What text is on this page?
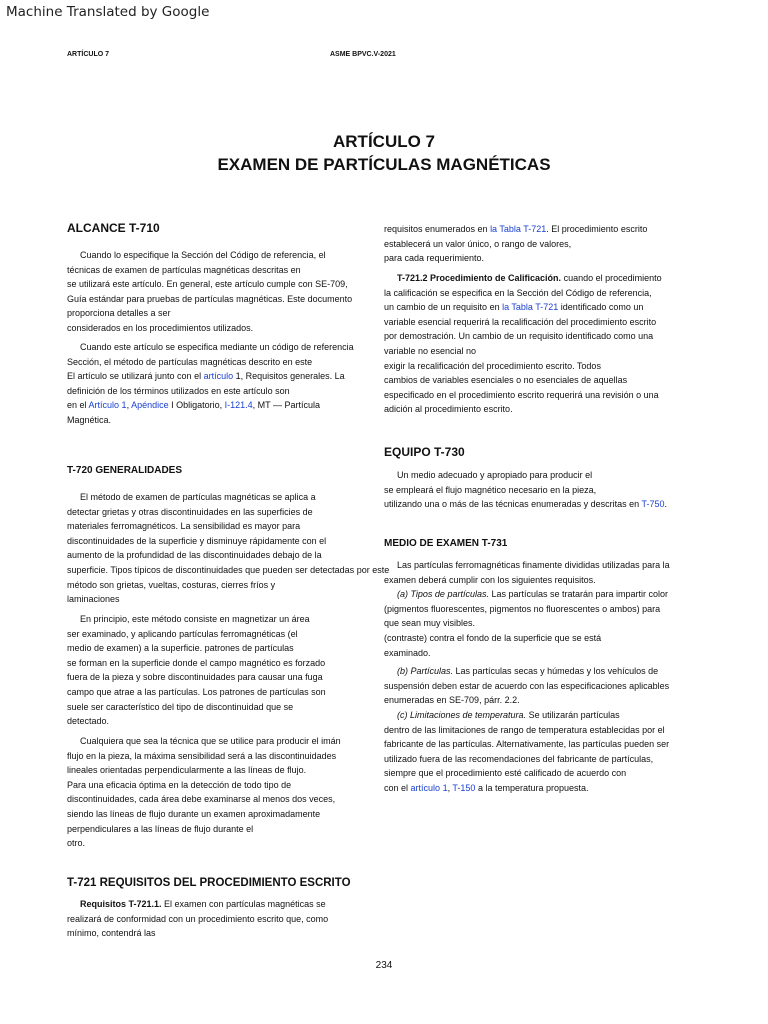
Machine Translated by Google
ARTÍCULO 7	ASME BPVC.V-2021
ARTÍCULO 7
EXAMEN DE PARTÍCULAS MAGNÉTICAS
ALCANCE T-710
Cuando lo especifique la Sección del Código de referencia, el
técnicas de examen de partículas magnéticas descritas en
se utilizará este artículo. En general, este artículo cumple con SE-709,
Guía estándar para pruebas de partículas magnéticas. Este documento
proporciona detalles a ser
considerados en los procedimientos utilizados.
Cuando este artículo se especifica mediante un código de referencia
Sección, el método de partículas magnéticas descrito en este
El artículo se utilizará junto con el artículo 1, Requisitos generales. La
definición de los términos utilizados en este artículo son
en el Artículo 1, Apéndice I Obligatorio, I-121.4, MT — Partícula
Magnética.
T-720 GENERALIDADES
El método de examen de partículas magnéticas se aplica a
detectar grietas y otras discontinuidades en las superficies de
materiales ferromagnéticos. La sensibilidad es mayor para
discontinuidades de la superficie y disminuye rápidamente con el
aumento de la profundidad de las discontinuidades debajo de la
superficie. Tipos típicos de discontinuidades que pueden ser detectadas por este
método son grietas, vueltas, costuras, cierres fríos y
laminaciones
En principio, este método consiste en magnetizar un área
ser examinado, y aplicando partículas ferromagnéticas (el
medio de examen) a la superficie. patrones de partículas
se forman en la superficie donde el campo magnético es forzado
fuera de la pieza y sobre discontinuidades para causar una fuga
campo que atrae a las partículas. Los patrones de partículas son
suele ser característico del tipo de discontinuidad que se
detectado.
Cualquiera que sea la técnica que se utilice para producir el imán
flujo en la pieza, la máxima sensibilidad será a las discontinuidades
lineales orientadas perpendicularmente a las líneas de flujo.
Para una eficacia óptima en la detección de todo tipo de
discontinuidades, cada área debe examinarse al menos dos veces,
siendo las líneas de flujo durante un examen aproximadamente
perpendiculares a las líneas de flujo durante el
otro.
T-721 REQUISITOS DEL PROCEDIMIENTO ESCRITO
Requisitos T-721.1. El examen con partículas magnéticas se
realizará de conformidad con un procedimiento escrito que, como
mínimo, contendrá las
requisitos enumerados en la Tabla T-721. El procedimiento escrito
establecerá un valor único, o rango de valores,
para cada requerimiento.
T-721.2 Procedimiento de Calificación. cuando el procedimiento
la calificación se especifica en la Sección del Código de referencia,
un cambio de un requisito en la Tabla T-721 identificado como un
variable esencial requerirá la recalificación del procedimiento escrito
por demostración. Un cambio de un requisito identificado como una
variable no esencial no
exigir la recalificación del procedimiento escrito. Todos
cambios de variables esenciales o no esenciales de aquellas
especificado en el procedimiento escrito requerirá una revisión o una
adición al procedimiento escrito.
EQUIPO T-730
Un medio adecuado y apropiado para producir el
se empleará el flujo magnético necesario en la pieza,
utilizando una o más de las técnicas enumeradas y descritas en T-750.
MEDIO DE EXAMEN T-731
Las partículas ferromagnéticas finamente divididas utilizadas para la
examen deberá cumplir con los siguientes requisitos.
(a) Tipos de partículas. Las partículas se tratarán para impartir color
(pigmentos fluorescentes, pigmentos no fluorescentes o ambos) para
que sean muy visibles.
(contraste) contra el fondo de la superficie que se está
examinado.
(b) Partículas. Las partículas secas y húmedas y los vehículos de
suspensión deben estar de acuerdo con las especificaciones aplicables
enumeradas en SE-709, párr. 2.2.
(c) Limitaciones de temperatura. Se utilizarán partículas
dentro de las limitaciones de rango de temperatura establecidas por el
fabricante de las partículas. Alternativamente, las partículas pueden ser
utilizado fuera de las recomendaciones del fabricante de partículas,
siempre que el procedimiento esté calificado de acuerdo con
con el artículo 1, T-150 a la temperatura propuesta.
234
